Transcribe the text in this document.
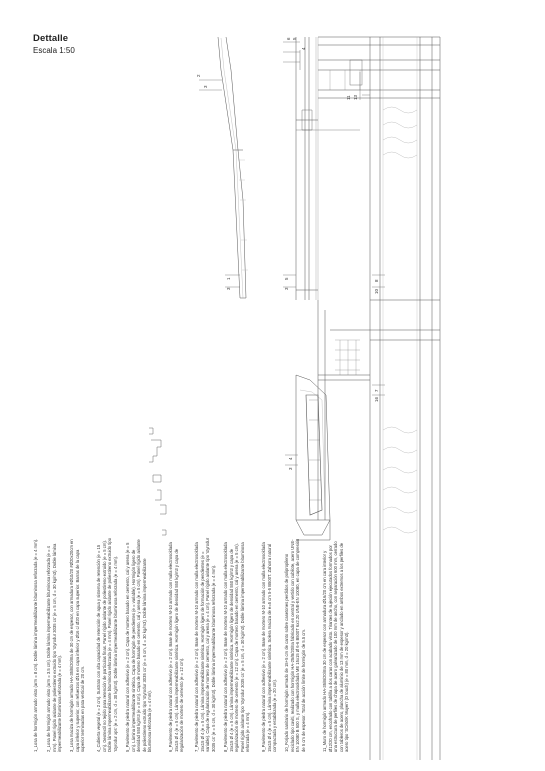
Dettalle
Escala 1:50
2
3
4
5
6
11 13
1
3
5
3
8
10
7
16
4
3
1_Losa de hormigón armado visto (arm = 8 cm). Doble lámina impermeabilizante bituminosa reforzada (e = 4 mm). 2_Losa de hormigón armado visto (arm = 3.5 cm). Doble lámina impermeabilizante bituminosa reforzada (e = 4 mm). Panel rígido aislante de poliestireno extruido tipo 'styrodur 3035 cs' (e = 5 cm, d = 30 kg/m3). Doble lámina impermeabilizante bituminosa reforzada (e = 4 mm). 3_Losa maciza de hormigón armado HA-35/B/20/IIIa de 30 cm de espesor, con armadura #Ø10/20 #Ø20x20cm en capa inferior y superior, con refuerzos Ø16 en capa inferior y Ø16 c/ Ø20 en capa superior. Barras de la capa superior terminadas en pata vertical de 20 cm.	4_Cubierta vegetal (e = 2 cm). Sustrato con alta capacidad de retención de agua y sistema de retención (e = 15 cm). Geotextil no tejido para retención de partículas finas. Panel rígido aislante de poliestireno extruido (e = 5 cm). Doble lámina impermeabilizante bituminosa reforzada (e = 4 mm). Panel rígido aislante de poliestireno extruido tipo 'styrodur xps' (e = 2 cm, d = 30 kg/m3). Doble lámina impermeabilizante bituminosa reforzada (e = 4 mm). 5_Pavimento de piedra natural con adhesivo (e = 2 cm). Capa de mortero basado en cemento, cal y arena (e = 5 cm). Lámina impermeabilizante sintética. Capa de hormigón de pendientes (e = variable). Hormigón ligero de densidad 550 kg/m3 (e = 8 cm). Capa de mortero basado en cemento, cal y arena (e = 5 cm). Panel rígido aislante de poliestireno extruido tipo 'styrodur 3035 cs' (e = 5 cm, d = 30 kg/m3). Doble lámina impermeabilizante bituminosa reforzada (e = 4 mm).	6_Pavimento de piedra natural con adhesivo (e = 2 cm). Base de mortero M-10 armado con malla electrosoldada 15x15 Ø 4 (e = 5 cm). Lámina impermeabilizante sintética. Hormigón ligero de densidad 550 kg/m3 y capa de regularización de mortero de cemento (e = 12 cm). 7_Pavimento de piedra natural con adhesivo (e = 2 cm). Base de mortero M-10 armado con malla electrosoldada 15x15 Ø 4 (e = 5 cm). Lámina impermeabilizante sintética. Hormigón ligero de formación de pendientes (e = variable). Capa de regularización de mortero de cemento, cal y arena (e = 4 cm). Panel rígido aislante tipo 'styrodur 3035 cs' (e = 5 cm, d = 30 kg/m3). Doble lámina impermeabilizante bituminosa reforzada (e = 4 mm). 8_Pavimento de piedra natural con adhesivo (e = 2 cm). Base de mortero M-10 armado con malla electrosoldada 15x15 Ø 4 (e = 5 cm). Lámina impermeabilizante sintética. Hormigón ligero de densidad 550 kg/m3 y capa de regularización de mortero de cemento (e = 12 cm). Capa de mortero basado en cemento, cal y arena (e = 5 cm). Panel rígido aislante tipo 'styrodur 3035 cs' (e = 5 cm, d = 30 kg/m3). Doble lámina impermeabilizante bituminosa reforzada (e = 4 mm).	9_Pavimento de piedra natural con adhesivo (e = 2 cm). Base de mortero M-10 armado con malla electrosoldada 15x15 Ø 4 (e = 5 cm). Lámina impermeabilizante sintética. Solera maciza de e=5 cm 5-5 B500T. Zahorra natural compactada y estabilizada (e = 20 cm). 10_Forjado sanitario de hormigón armado de 15+5 cm de canto sobre casetones perdidos de polipropileno reciclado tipo caviti, realizado con hormigón HA-25/B/20/IIa fabricado en central y vertido con cubilote, acero UNE-EN 10080 B 500 S, y malla electrosoldada ME 15x15 Ø 6-6 B500T 6x2.20 UNE-EN 10080, en capa de compresión de 5 cm de espesor. Total de acción límite de hormigón de 5.5 cm.	11_Muro de hormigón armado HA-35/B/20/IIIa 30 cm de espesor con armadura Ø16/20 cm en cara interior y Ø12/20 cm, encofrado con tablilla a dos caras con acabado visto. Tirantes de sujeción ejecutados formados por una estructura de perfiles de chapa de acero galvanizado de 100 mm de ancho, con separación 600 mm, cerrado con tableros de acero, plancha de aluminio de 13 mm de espesor y anclado en ambos extremos a los perfiles de acero tipo 'SC/60/K Muyen' (D touch) (e = 80 mm, d = 20 kg/m3).
